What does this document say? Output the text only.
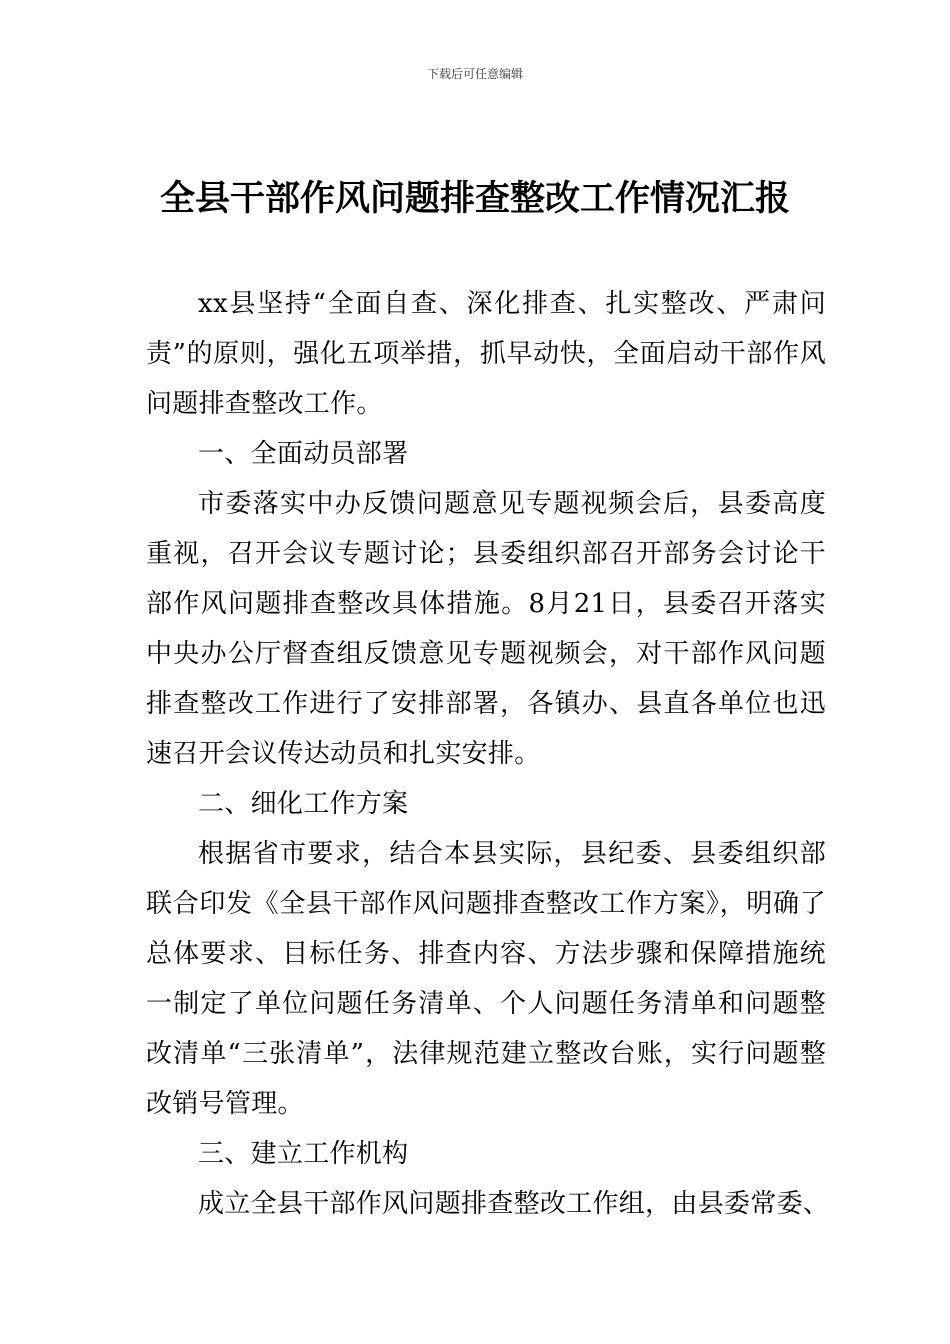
下载后可任意编辑
全县干部作风问题排查整改工作情况汇报

xx县坚持“全面自查、深化排查、扎实整改、严肃问责”的原则，强化五项举措，抓早动快，全面启动干部作风问题排查整改工作。

一、全面动员部署

市委落实中办反馈问题意见专题视频会后，县委高度重视，召开会议专题讨论；县委组织部召开部务会讨论干部作风问题排查整改具体措施。8月21日，县委召开落实中央办公厅督查组反馈意见专题视频会，对干部作风问题排查整改工作进行了安排部署，各镇办、县直各单位也迅速召开会议传达动员和扎实安排。

二、细化工作方案

根据省市要求，结合本县实际，县纪委、县委组织部联合印发《全县干部作风问题排查整改工作方案》，明确了总体要求、目标任务、排查内容、方法步骤和保障措施统一制定了单位问题任务清单、个人问题任务清单和问题整改清单“三张清单”，法律规范建立整改台账，实行问题整改销号管理。

三、建立工作机构

成立全县干部作风问题排查整改工作组，由县委常委、
